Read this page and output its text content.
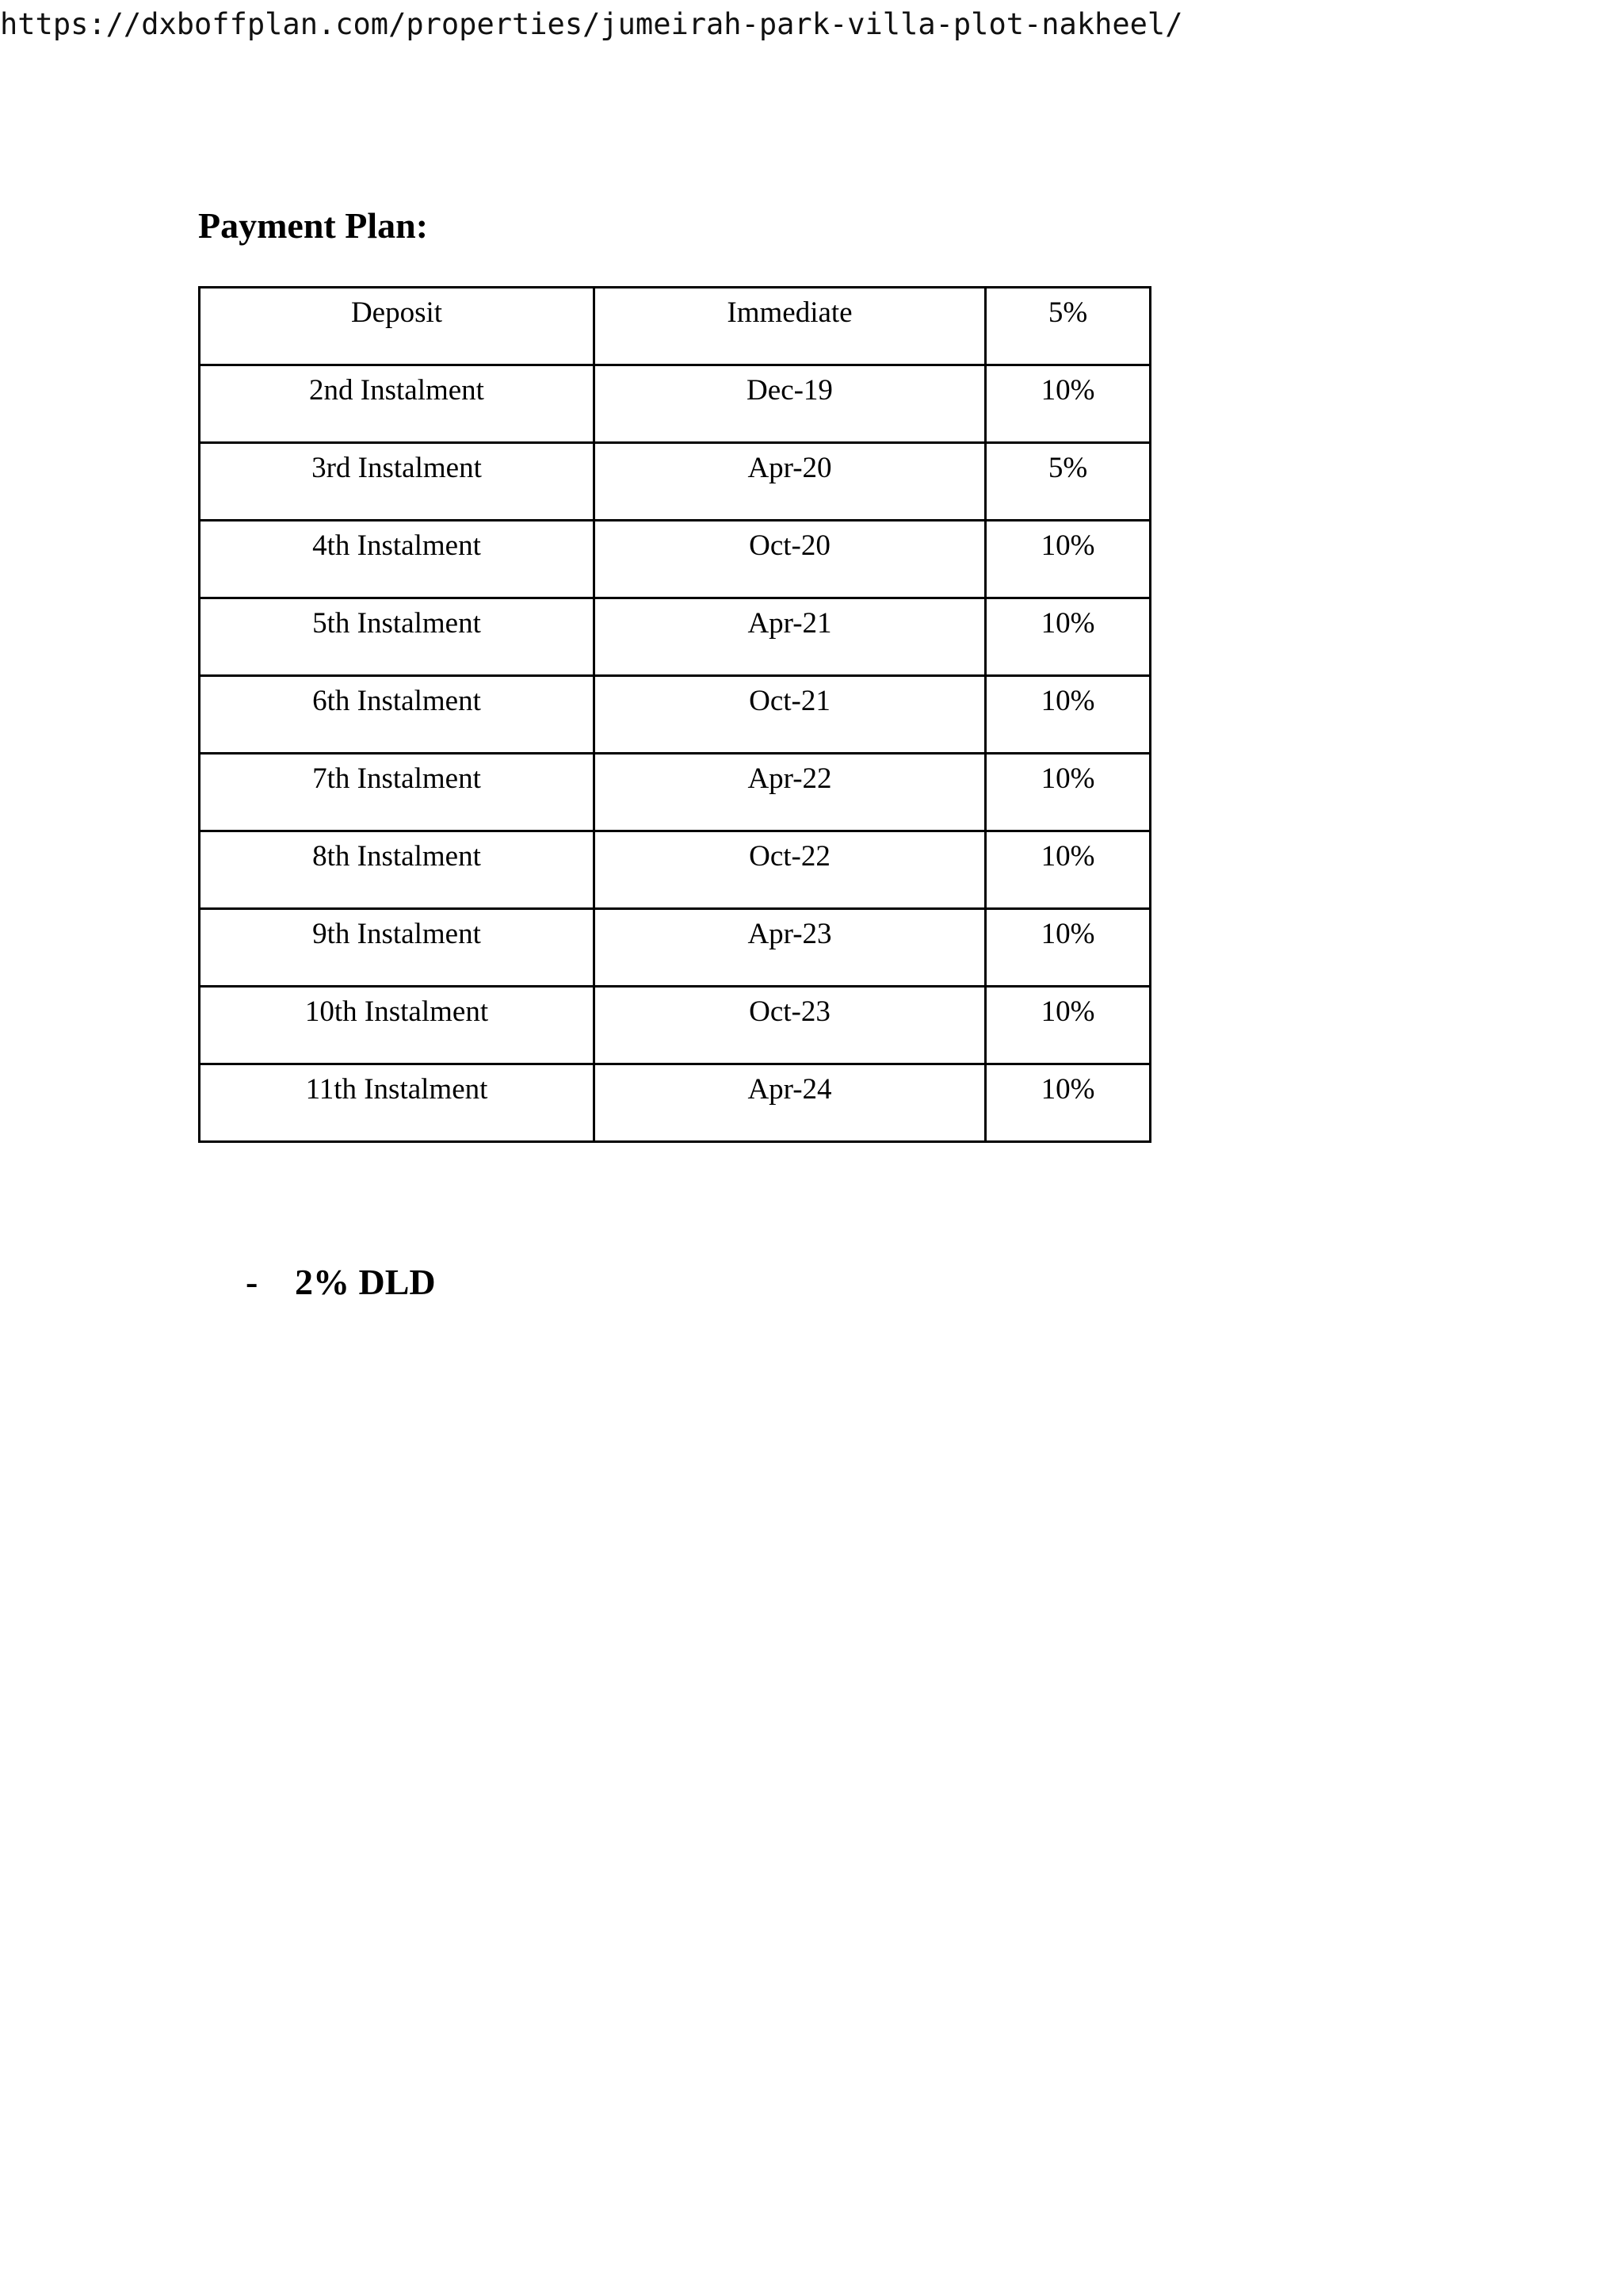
https://dxboffplan.com/properties/jumeirah-park-villa-plot-nakheel/
Payment Plan:
Deposit	Immediate	5%
2nd Instalment	Dec-19	10%
3rd Instalment	Apr-20	5%
4th Instalment	Oct-20	10%
5th Instalment	Apr-21	10%
6th Instalment	Oct-21	10%
7th Instalment	Apr-22	10%
8th Instalment	Oct-22	10%
9th Instalment	Apr-23	10%
10th Instalment	Oct-23	10%
11th Instalment	Apr-24	10%
- 2% DLD
